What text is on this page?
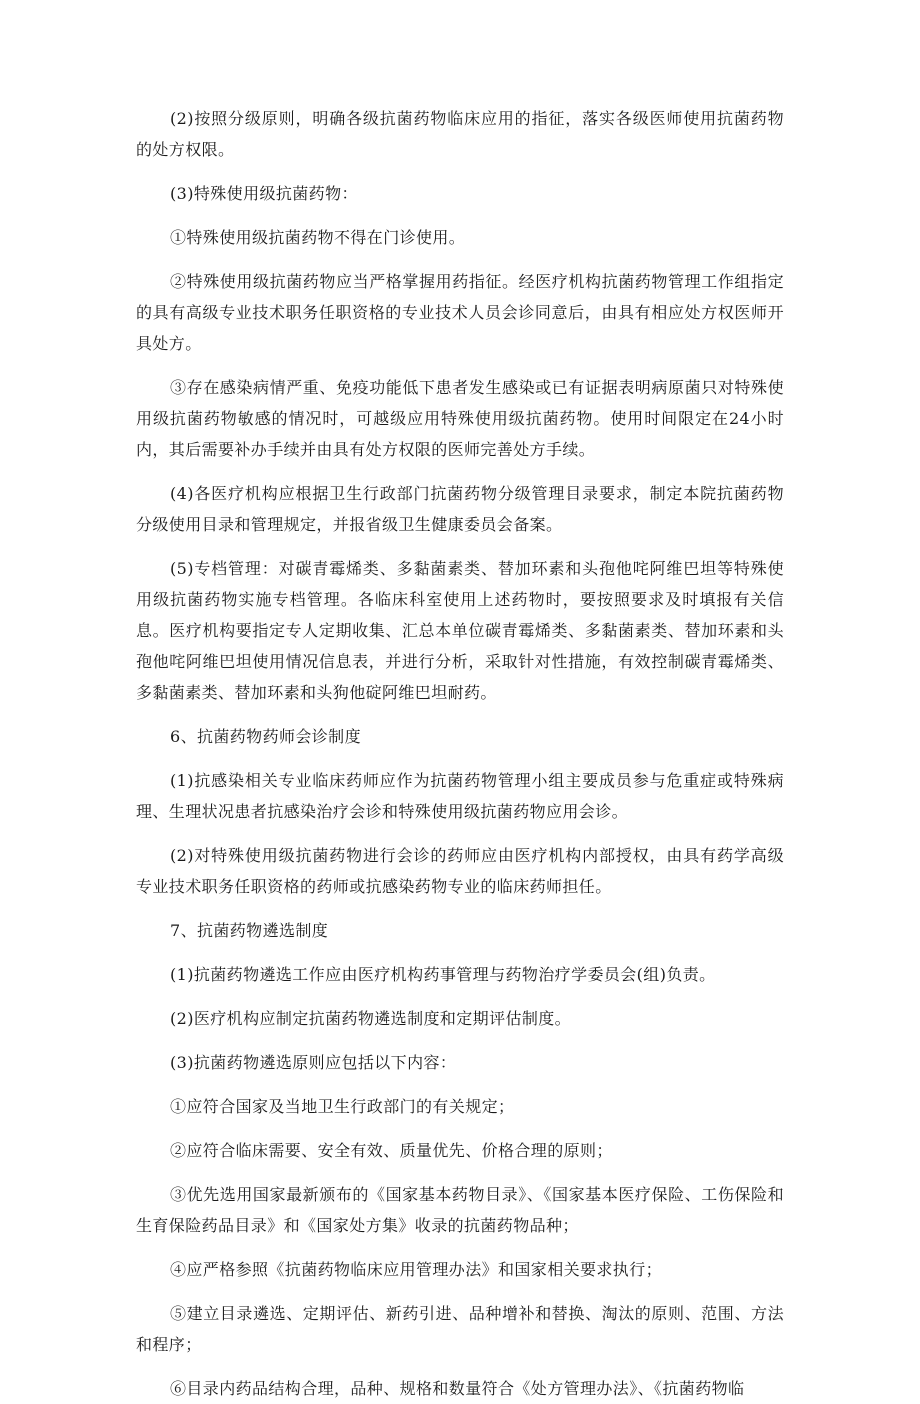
(2)按照分级原则，明确各级抗菌药物临床应用的指征，落实各级医师使用抗菌药物的处方权限。

(3)特殊使用级抗菌药物：

①特殊使用级抗菌药物不得在门诊使用。

②特殊使用级抗菌药物应当严格掌握用药指征。经医疗机构抗菌药物管理工作组指定的具有高级专业技术职务任职资格的专业技术人员会诊同意后，由具有相应处方权医师开具处方。

③存在感染病情严重、免疫功能低下患者发生感染或已有证据表明病原菌只对特殊使用级抗菌药物敏感的情况时，可越级应用特殊使用级抗菌药物。使用时间限定在24小时内，其后需要补办手续并由具有处方权限的医师完善处方手续。

(4)各医疗机构应根据卫生行政部门抗菌药物分级管理目录要求，制定本院抗菌药物分级使用目录和管理规定，并报省级卫生健康委员会备案。

(5)专档管理：对碳青霉烯类、多黏菌素类、替加环素和头孢他咤阿维巴坦等特殊使用级抗菌药物实施专档管理。各临床科室使用上述药物时，要按照要求及时填报有关信息。医疗机构要指定专人定期收集、汇总本单位碳青霉烯类、多黏菌素类、替加环素和头孢他咤阿维巴坦使用情况信息表，并进行分析，采取针对性措施，有效控制碳青霉烯类、多黏菌素类、替加环素和头狗他碇阿维巴坦耐药。

6、抗菌药物药师会诊制度

(1)抗感染相关专业临床药师应作为抗菌药物管理小组主要成员参与危重症或特殊病理、生理状况患者抗感染治疗会诊和特殊使用级抗菌药物应用会诊。

(2)对特殊使用级抗菌药物进行会诊的药师应由医疗机构内部授权，由具有药学高级专业技术职务任职资格的药师或抗感染药物专业的临床药师担任。

7、抗菌药物遴选制度

(1)抗菌药物遴选工作应由医疗机构药事管理与药物治疗学委员会(组)负责。

(2)医疗机构应制定抗菌药物遴选制度和定期评估制度。

(3)抗菌药物遴选原则应包括以下内容：

①应符合国家及当地卫生行政部门的有关规定；

②应符合临床需要、安全有效、质量优先、价格合理的原则；

③优先选用国家最新颁布的《国家基本药物目录》、《国家基本医疗保险、工伤保险和生育保险药品目录》和《国家处方集》收录的抗菌药物品种；

④应严格参照《抗菌药物临床应用管理办法》和国家相关要求执行；

⑤建立目录遴选、定期评估、新药引进、品种增补和替换、淘汰的原则、范围、方法和程序；

⑥目录内药品结构合理，品种、规格和数量符合《处方管理办法》、《抗菌药物临
